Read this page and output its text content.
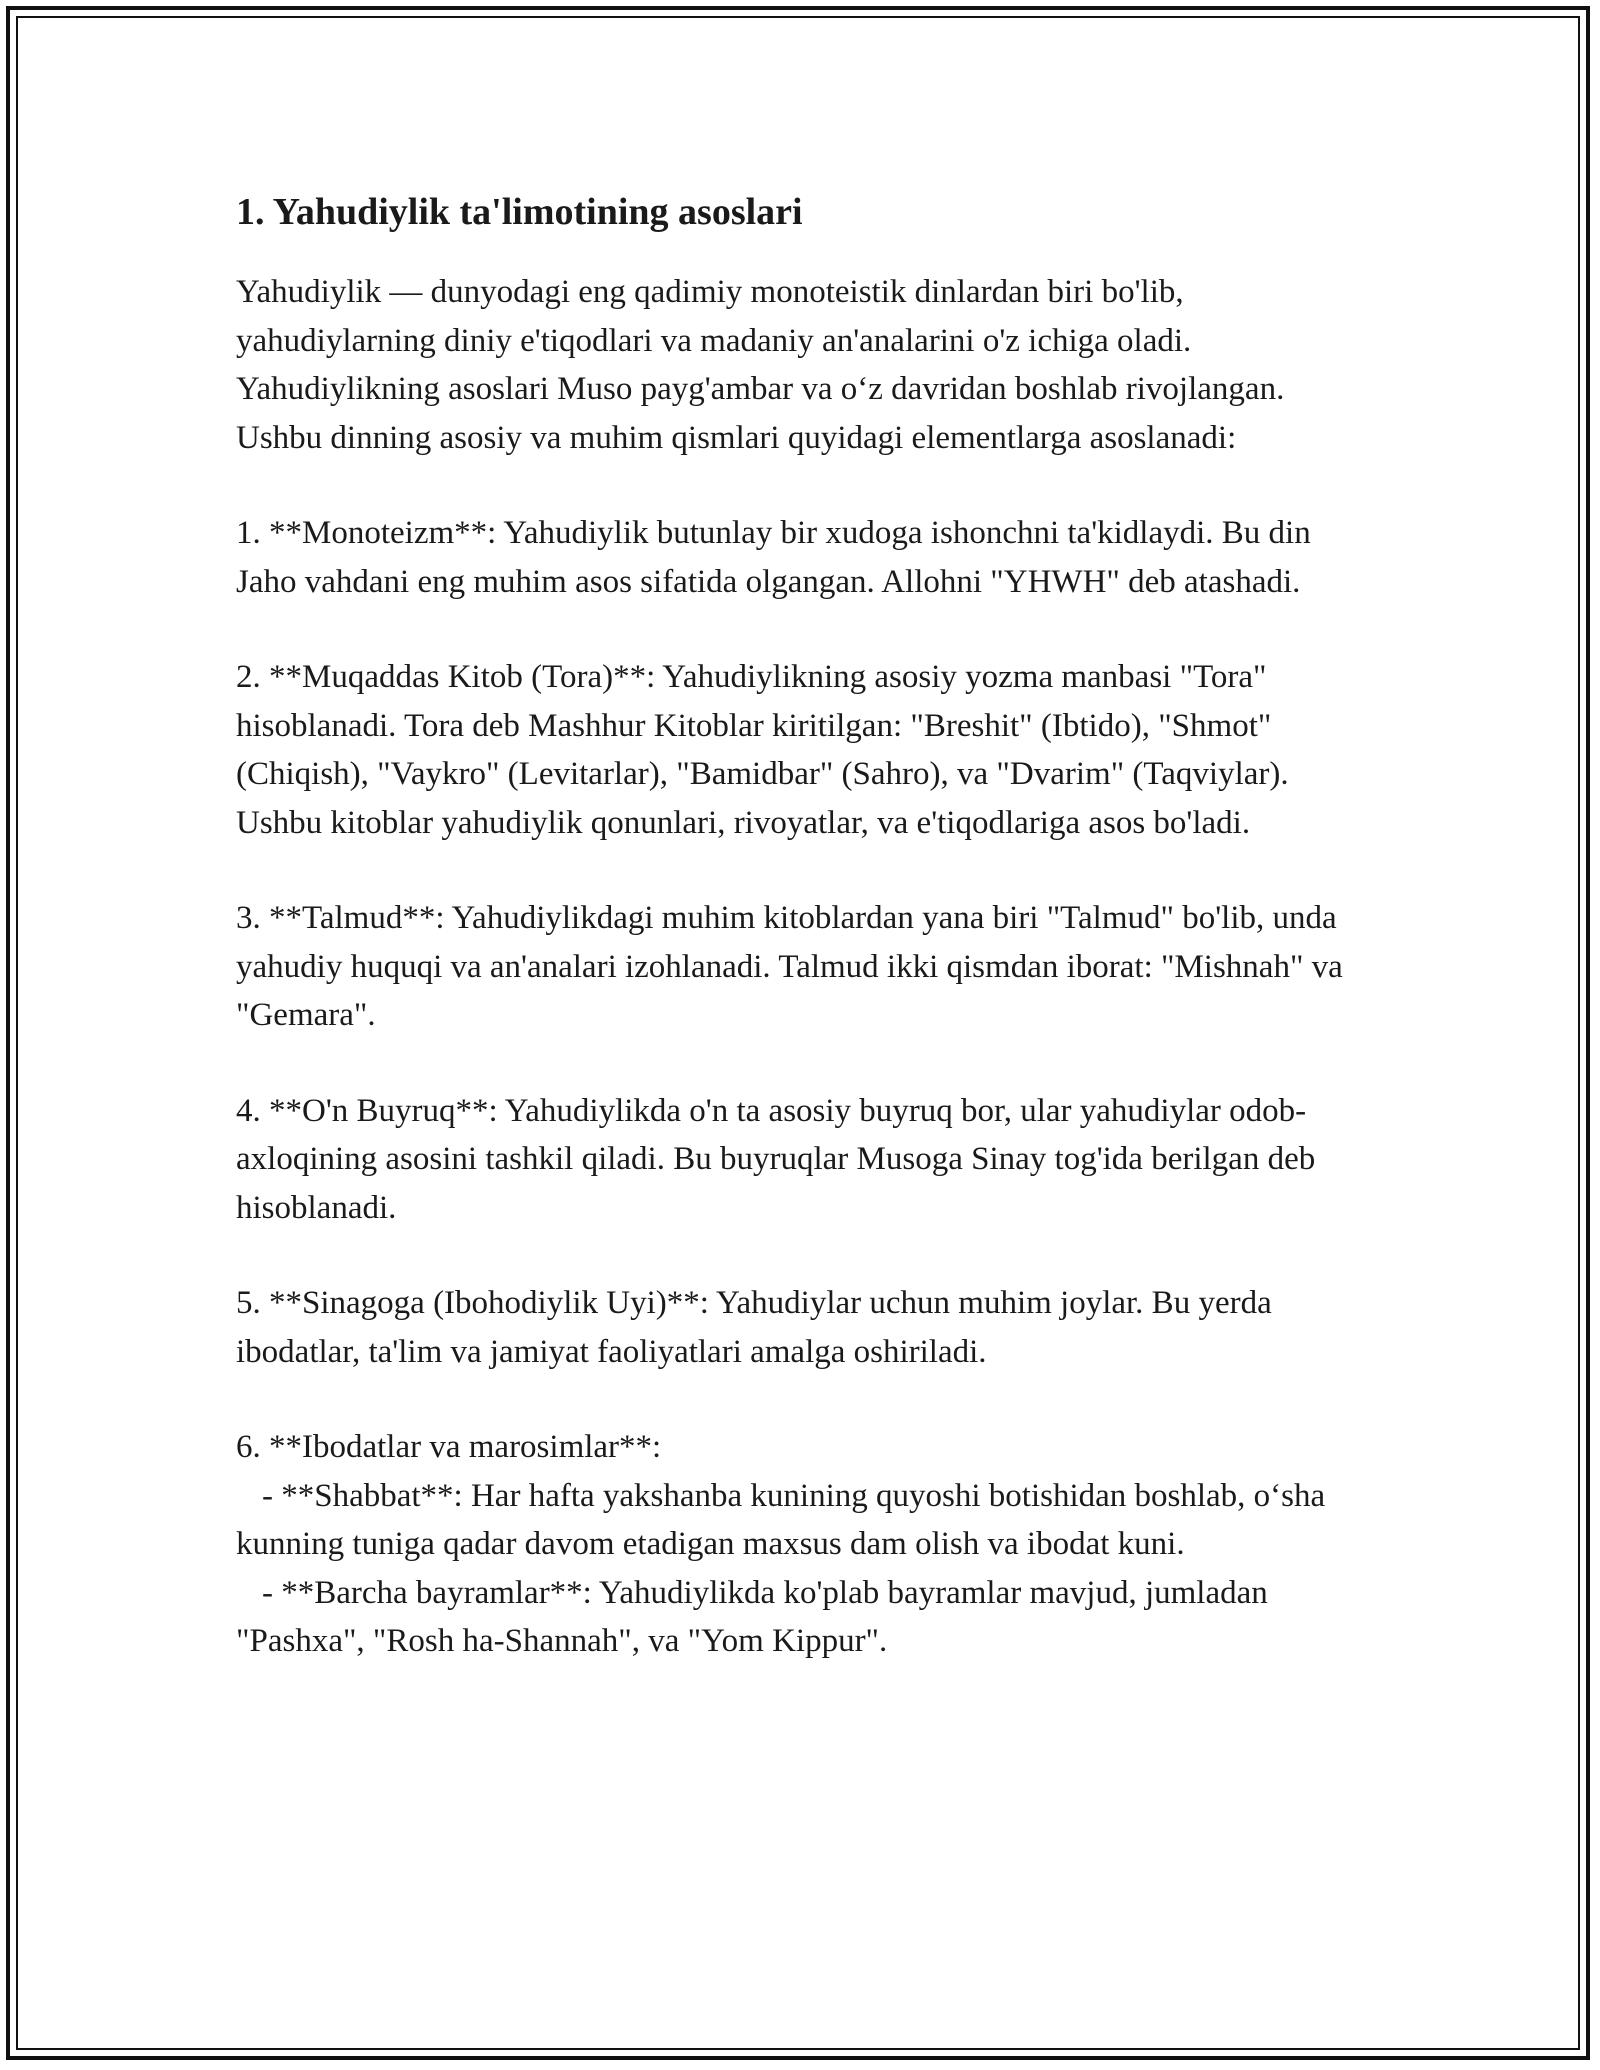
1. Yahudiylik ta'limotining asoslari

Yahudiylik — dunyodagi eng qadimiy monoteistik dinlardan biri bo'lib, yahudiylarning diniy e'tiqodlari va madaniy an'analarini o'z ichiga oladi. Yahudiylikning asoslari Muso payg'ambar va o‘z davridan boshlab rivojlangan. Ushbu dinning asosiy va muhim qismlari quyidagi elementlarga asoslanadi:

1. **Monoteizm**: Yahudiylik butunlay bir xudoga ishonchni ta'kidlaydi. Bu din Jaho vahdani eng muhim asos sifatida olgangan. Allohni "YHWH" deb atashadi.

2. **Muqaddas Kitob (Tora)**: Yahudiylikning asosiy yozma manbasi "Tora" hisoblanadi. Tora deb Mashhur Kitoblar kiritilgan: "Breshit" (Ibtido), "Shmot" (Chiqish), "Vaykro" (Levitarlar), "Bamidbar" (Sahro), va "Dvarim" (Taqviylar). Ushbu kitoblar yahudiylik qonunlari, rivoyatlar, va e'tiqodlariga asos bo'ladi.

3. **Talmud**: Yahudiylikdagi muhim kitoblardan yana biri "Talmud" bo'lib, unda yahudiy huquqi va an'analari izohlanadi. Talmud ikki qismdan iborat: "Mishnah" va "Gemara".

4. **O'n Buyruq**: Yahudiylikda o'n ta asosiy buyruq bor, ular yahudiylar odob-axloqining asosini tashkil qiladi. Bu buyruqlar Musoga Sinay tog'ida berilgan deb hisoblanadi.

5. **Sinagoga (Ibohodiylik Uyi)**: Yahudiylar uchun muhim joylar. Bu yerda ibodatlar, ta'lim va jamiyat faoliyatlari amalga oshiriladi.

6. **Ibodatlar va marosimlar**:
- **Shabbat**: Har hafta yakshanba kunining quyoshi botishidan boshlab, o‘sha kunning tuniga qadar davom etadigan maxsus dam olish va ibodat kuni.
- **Barcha bayramlar**: Yahudiylikda ko'plab bayramlar mavjud, jumladan "Pashxa", "Rosh ha-Shannah", va "Yom Kippur".
